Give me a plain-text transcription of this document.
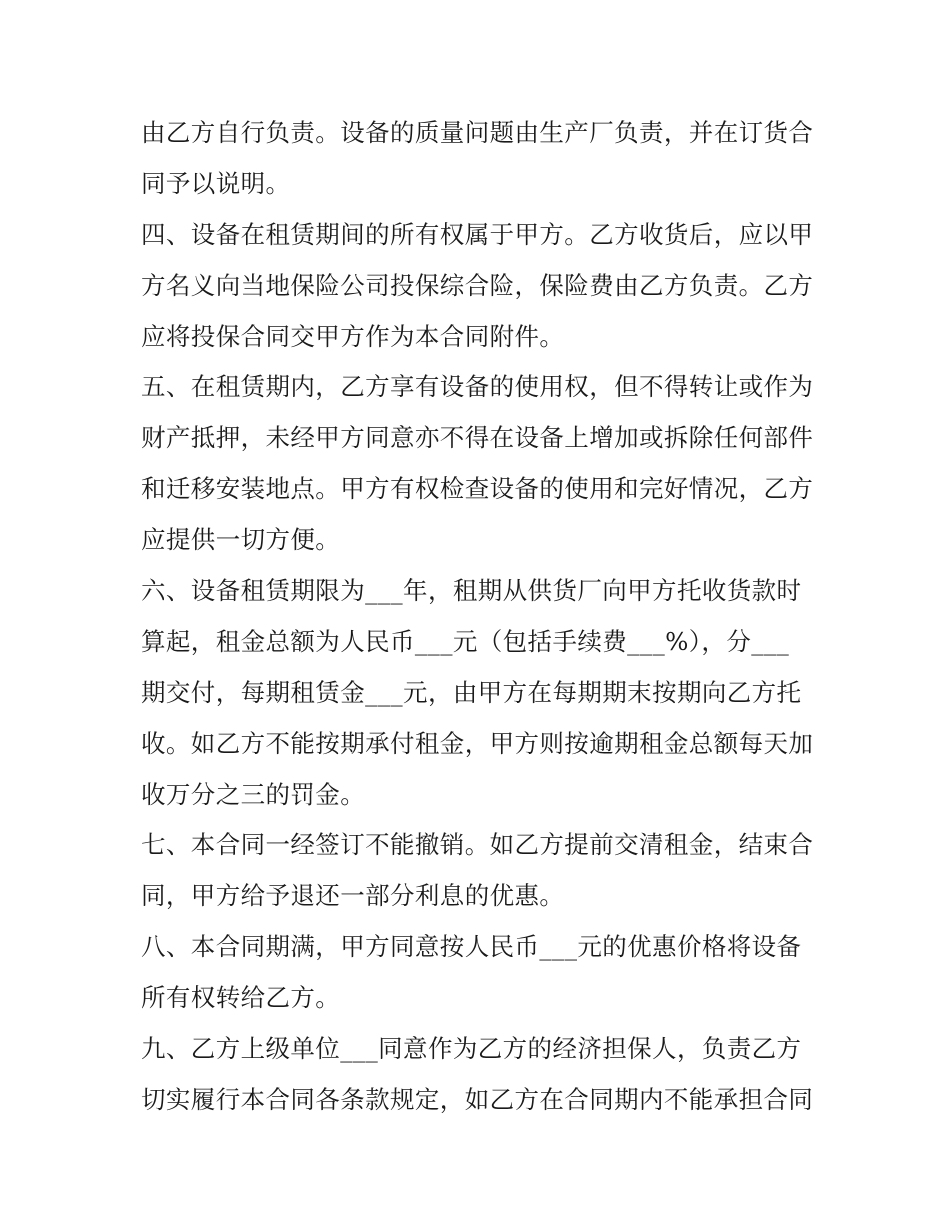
由乙方自行负责。设备的质量问题由生产厂负责，并在订货合
同予以说明。
四、设备在租赁期间的所有权属于甲方。乙方收货后，应以甲
方名义向当地保险公司投保综合险，保险费由乙方负责。乙方
应将投保合同交甲方作为本合同附件。
五、在租赁期内，乙方享有设备的使用权，但不得转让或作为
财产抵押，未经甲方同意亦不得在设备上增加或拆除任何部件
和迁移安装地点。甲方有权检查设备的使用和完好情况，乙方
应提供一切方便。
六、设备租赁期限为___年，租期从供货厂向甲方托收货款时
算起，租金总额为人民币___元（包括手续费___%），分___
期交付，每期租赁金___元，由甲方在每期期末按期向乙方托
收。如乙方不能按期承付租金，甲方则按逾期租金总额每天加
收万分之三的罚金。
七、本合同一经签订不能撤销。如乙方提前交清租金，结束合
同，甲方给予退还一部分利息的优惠。
八、本合同期满，甲方同意按人民币___元的优惠价格将设备
所有权转给乙方。
九、乙方上级单位___同意作为乙方的经济担保人，负责乙方
切实履行本合同各条款规定，如乙方在合同期内不能承担合同
